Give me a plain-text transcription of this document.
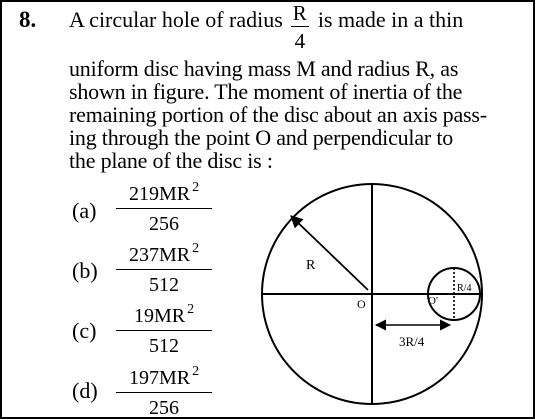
8. A circular hole of radius $\frac{R}{4}$ is made in a thin
uniform disc having mass M and radius R, as
shown in figure. The moment of inertia of the
remaining portion of the disc about an axis pass-
ing through the point O and perpendicular to
the plane of the disc is :
(a)
219MR $^2$
256
(b)
237MR $^2$
512
(c)
19MR $^2$
512
(d) 197MR $^2$
256
R
O	O'
R/4
3R/4
